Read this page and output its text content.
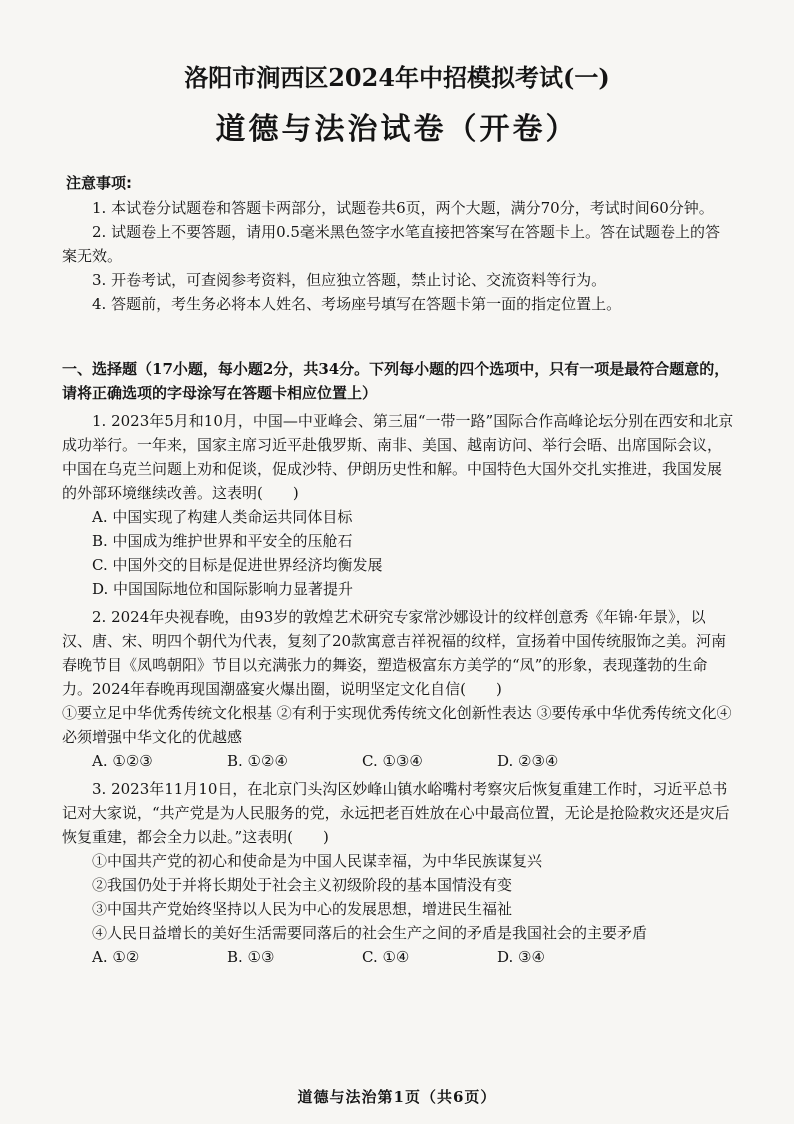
洛阳市涧西区2024年中招模拟考试(一)
道德与法治试卷（开卷）
注意事项:

1. 本试卷分试题卷和答题卡两部分，试题卷共6页，两个大题，满分70分，考试时间60分钟。

2. 试题卷上不要答题，请用0.5毫米黑色签字水笔直接把答案写在答题卡上。答在试题卷上的答案无效。

3. 开卷考试，可查阅参考资料，但应独立答题，禁止讨论、交流资料等行为。

4. 答题前，考生务必将本人姓名、考场座号填写在答题卡第一面的指定位置上。

一、选择题（17小题，每小题2分，共34分。下列每小题的四个选项中，只有一项是最符合题意的，请将正确选项的字母涂写在答题卡相应位置上）

1. 2023年5月和10月，中国—中亚峰会、第三届“一带一路”国际合作高峰论坛分别在西安和北京成功举行。一年来，国家主席习近平赴俄罗斯、南非、美国、越南访问、举行会晤、出席国际会议，中国在乌克兰问题上劝和促谈，促成沙特、伊朗历史性和解。中国特色大国外交扎实推进，我国发展的外部环境继续改善。这表明(　　)

A. 中国实现了构建人类命运共同体目标

B. 中国成为维护世界和平安全的压舱石

C. 中国外交的目标是促进世界经济均衡发展

D. 中国国际地位和国际影响力显著提升

2. 2024年央视春晚，由93岁的敦煌艺术研究专家常沙娜设计的纹样创意秀《年锦·年景》，以汉、唐、宋、明四个朝代为代表，复刻了20款寓意吉祥祝福的纹样，宣扬着中国传统服饰之美。河南春晚节目《凤鸣朝阳》节目以充满张力的舞姿，塑造极富东方美学的“凤”的形象，表现蓬勃的生命力。2024年春晚再现国潮盛宴火爆出圈，说明坚定文化自信(　　)

①要立足中华优秀传统文化根基 ②有利于实现优秀传统文化创新性表达 ③要传承中华优秀传统文化④必须增强中华文化的优越感

A. ①②③	B. ①②④	C. ①③④	D. ②③④

3. 2023年11月10日，在北京门头沟区妙峰山镇水峪嘴村考察灾后恢复重建工作时，习近平总书记对大家说，“共产党是为人民服务的党，永远把老百姓放在心中最高位置，无论是抢险救灾还是灾后恢复重建，都会全力以赴。”这表明(　　)

①中国共产党的初心和使命是为中国人民谋幸福，为中华民族谋复兴

②我国仍处于并将长期处于社会主义初级阶段的基本国情没有变

③中国共产党始终坚持以人民为中心的发展思想，增进民生福祉

④人民日益增长的美好生活需要同落后的社会生产之间的矛盾是我国社会的主要矛盾

A. ①②	B. ①③	C. ①④	D. ③④
道德与法治第1页（共6页）
